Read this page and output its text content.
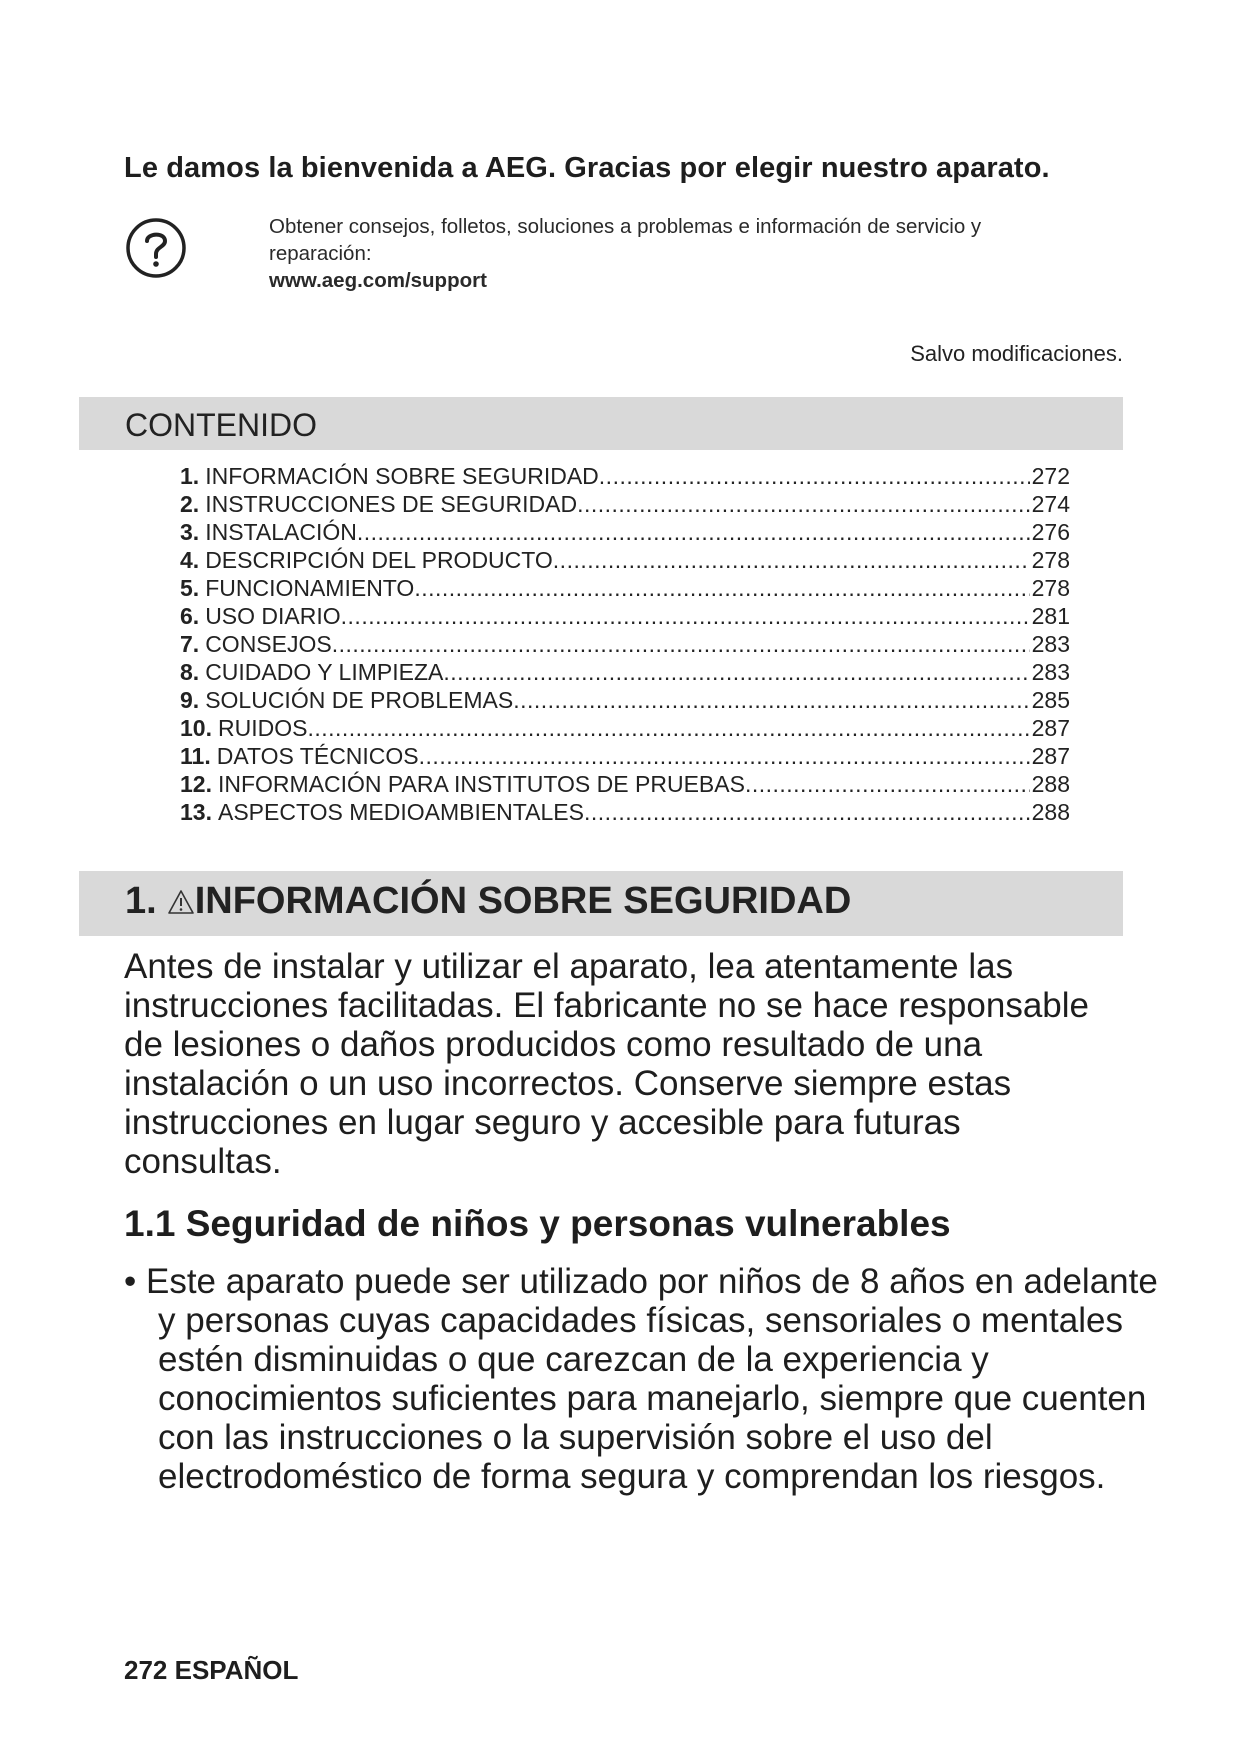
Le damos la bienvenida a AEG. Gracias por elegir nuestro aparato.
Obtener consejos, folletos, soluciones a problemas e información de servicio y reparación:
www.aeg.com/support
Salvo modificaciones.
CONTENIDO
1. INFORMACIÓN SOBRE SEGURIDAD .....	272
2. INSTRUCCIONES DE SEGURIDAD .....	274
3. INSTALACIÓN .....	276
4. DESCRIPCIÓN DEL PRODUCTO .....	278
5. FUNCIONAMIENTO .....	278
6. USO DIARIO .....	281
7. CONSEJOS .....	283
8. CUIDADO Y LIMPIEZA .....	283
9. SOLUCIÓN DE PROBLEMAS .....	285
10. RUIDOS .....	287
11. DATOS TÉCNICOS .....	287
12. INFORMACIÓN PARA INSTITUTOS DE PRUEBAS .....	288
13. ASPECTOS MEDIOAMBIENTALES .....	288
1. INFORMACIÓN SOBRE SEGURIDAD
Antes de instalar y utilizar el aparato, lea atentamente las instrucciones facilitadas. El fabricante no se hace responsable de lesiones o daños producidos como resultado de una instalación o un uso incorrectos. Conserve siempre estas instrucciones en lugar seguro y accesible para futuras consultas.
1.1 Seguridad de niños y personas vulnerables
• Este aparato puede ser utilizado por niños de 8 años en adelante y personas cuyas capacidades físicas, sensoriales o mentales estén disminuidas o que carezcan de la experiencia y conocimientos suficientes para manejarlo, siempre que cuenten con las instrucciones o la supervisión sobre el uso del electrodoméstico de forma segura y comprendan los riesgos.
272 ESPAÑOL
